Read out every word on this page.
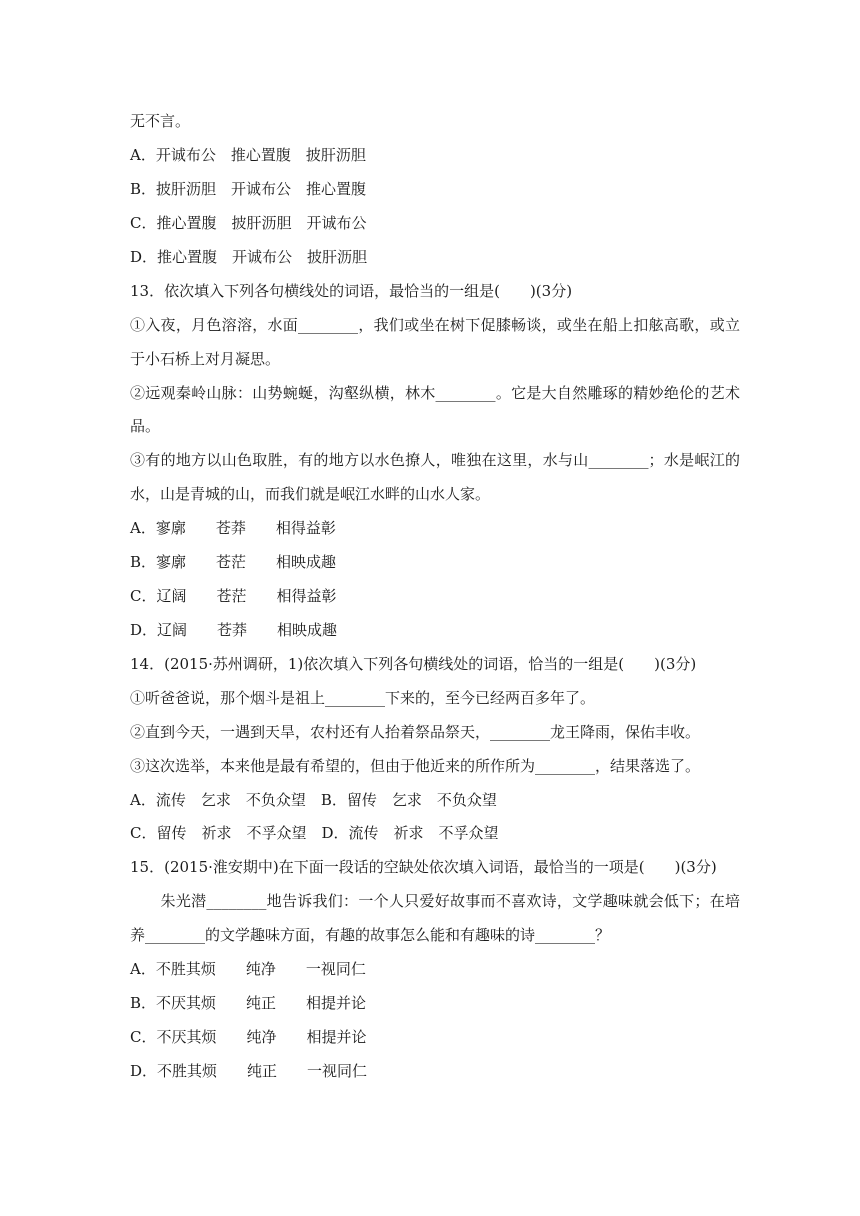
无不言。
A．开诚布公　推心置腹　披肝沥胆
B．披肝沥胆　开诚布公　推心置腹
C．推心置腹　披肝沥胆　开诚布公
D．推心置腹　开诚布公　披肝沥胆
13．依次填入下列各句横线处的词语，最恰当的一组是(　　)(3分)
①入夜，月色溶溶，水面________，我们或坐在树下促膝畅谈，或坐在船上扣舷高歌，或立
于小石桥上对月凝思。
②远观秦岭山脉：山势蜿蜒，沟壑纵横，林木________。它是大自然雕琢的精妙绝伦的艺术
品。
③有的地方以山色取胜，有的地方以水色撩人，唯独在这里，水与山________；水是岷江的
水，山是青城的山，而我们就是岷江水畔的山水人家。
A．寥廓　　苍莽　　相得益彰
B．寥廓　　苍茫　　相映成趣
C．辽阔　　苍茫　　相得益彰
D．辽阔　　苍莽　　相映成趣
14．(2015·苏州调研，1)依次填入下列各句横线处的词语，恰当的一组是(　　)(3分)
①听爸爸说，那个烟斗是祖上________下来的，至今已经两百多年了。
②直到今天，一遇到天旱，农村还有人抬着祭品祭天，________龙王降雨，保佑丰收。
③这次选举，本来他是最有希望的，但由于他近来的所作所为________，结果落选了。
A．流传　乞求　不负众望　B．留传　乞求　不负众望
C．留传　祈求　不孚众望　D．流传　祈求　不孚众望
15．(2015·淮安期中)在下面一段话的空缺处依次填入词语，最恰当的一项是(　　)(3分)
　　朱光潜________地告诉我们：一个人只爱好故事而不喜欢诗，文学趣味就会低下；在培
养________的文学趣味方面，有趣的故事怎么能和有趣味的诗________？
A．不胜其烦　　纯净　　一视同仁
B．不厌其烦　　纯正　　相提并论
C．不厌其烦　　纯净　　相提并论
D．不胜其烦　　纯正　　一视同仁
